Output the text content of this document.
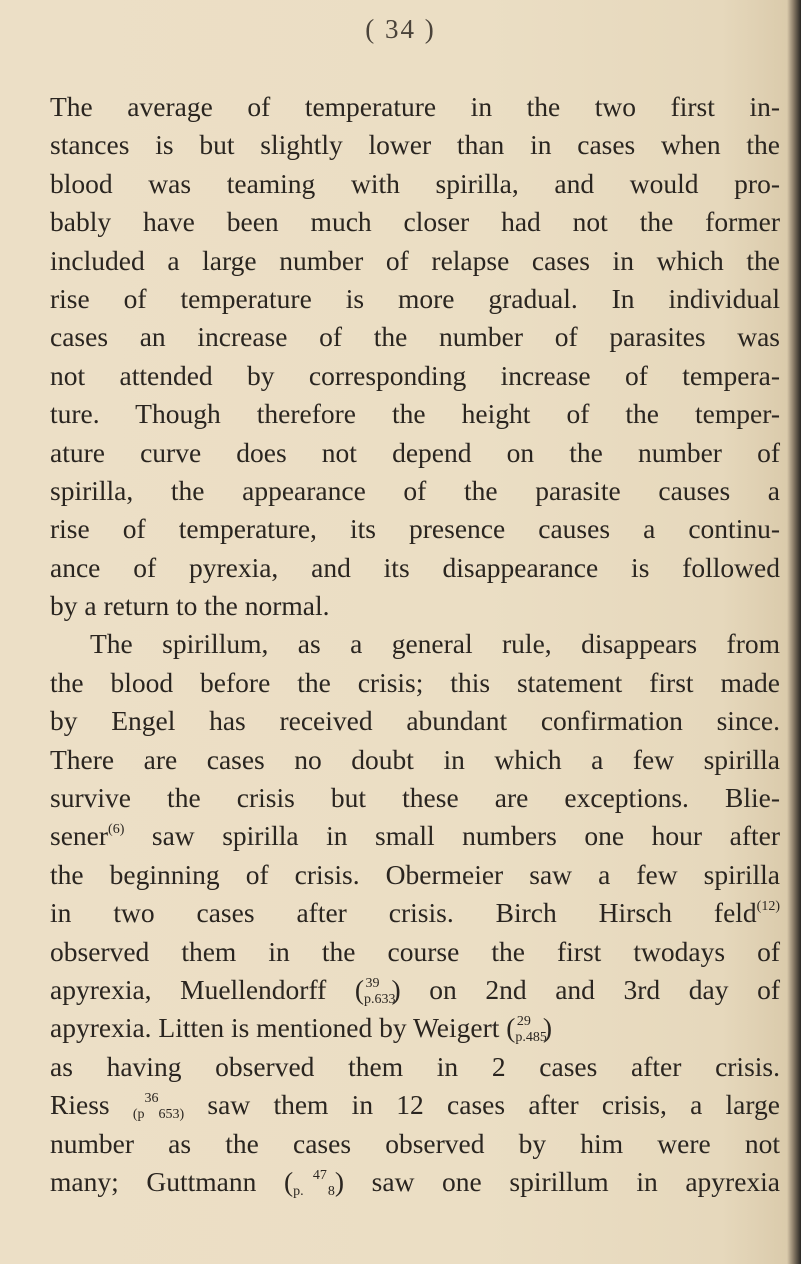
( 34 )
The average of temperature in the two first in-
stances is but slightly lower than in cases when the
blood was teaming with spirilla, and would pro-
bably have been much closer had not the former
included a large number of relapse cases in which the
rise of temperature is more gradual. In individual
cases an increase of the number of parasites was
not attended by corresponding increase of tempera-
ture. Though therefore the height of the temper-
ature curve does not depend on the number of
spirilla, the appearance of the parasite causes a
rise of temperature, its presence causes a continu-
ance of pyrexia, and its disappearance is followed
by a return to the normal.
The spirillum, as a general rule, disappears from
the blood before the crisis; this statement first made
by Engel has received abundant confirmation since.
There are cases no doubt in which a few spirilla
survive the crisis but these are exceptions. Blie-
sener$^{(6)}$ saw spirilla in small numbers one hour after
the beginning of crisis. Obermeier saw a few spirilla
in two cases after crisis. Birch Hirsch feld$^{(12)}$
observed them in the course the first twodays of
apyrexia, Muellendorff (p.633$^{39}$ ) on 2nd and 3rd day of
apyrexia. Litten is mentioned by Weigert (p.485$^{29}$ )
as having observed them in 2 cases after crisis.
Riess (p$^{36}$653) saw them in 12 cases after crisis, a large
number as the cases observed by him were not
many; Guttmann (p. 8$^{47}$ ) saw one spirillum in apyrexia
